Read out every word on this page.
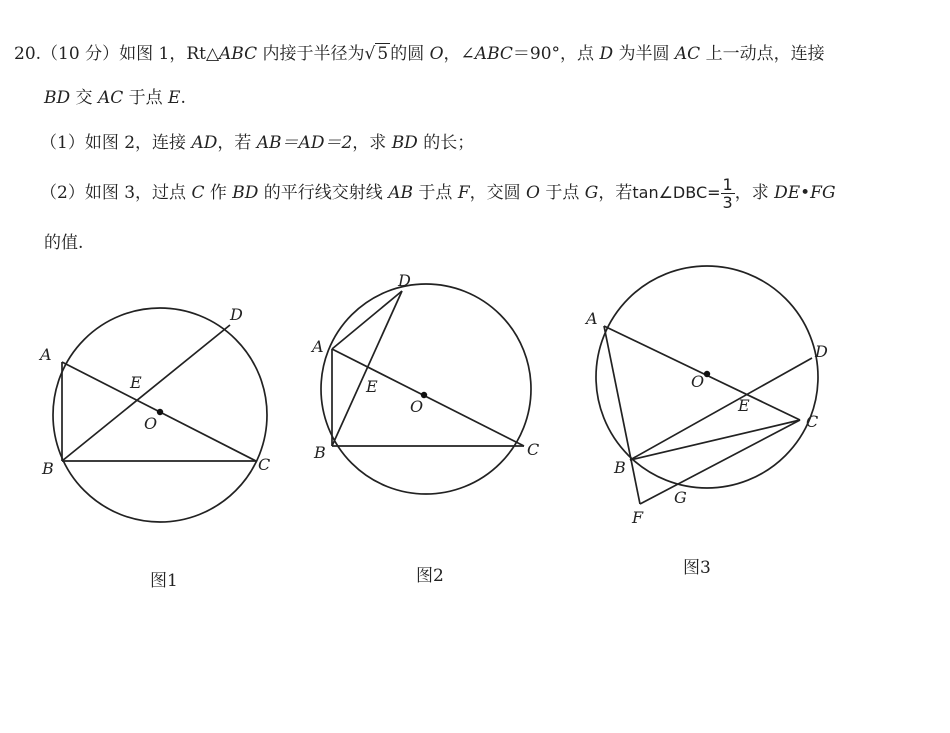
20.（10 分）如图 1，Rt△ABC 内接于半径为√ 5 的圆 O，∠ABC＝90°，点 D 为半圆 AC 上一动点，连接
BD 交 AC 于点 E.
（1）如图 2，连接 AD，若 AB＝AD＝2，求 BD 的长；
（2）如图 3，过点 C 作 BD 的平行线交射线 AB 于点 F，交圆 O 于点 G，若tan∠DBC= $\frac{1}{3}$ ，求 DE•FG
的值.
A
B	C
D
E
O
A
B	C
D
E
O
A
B
C
D
E
O
F
G
图1	图2	图3
